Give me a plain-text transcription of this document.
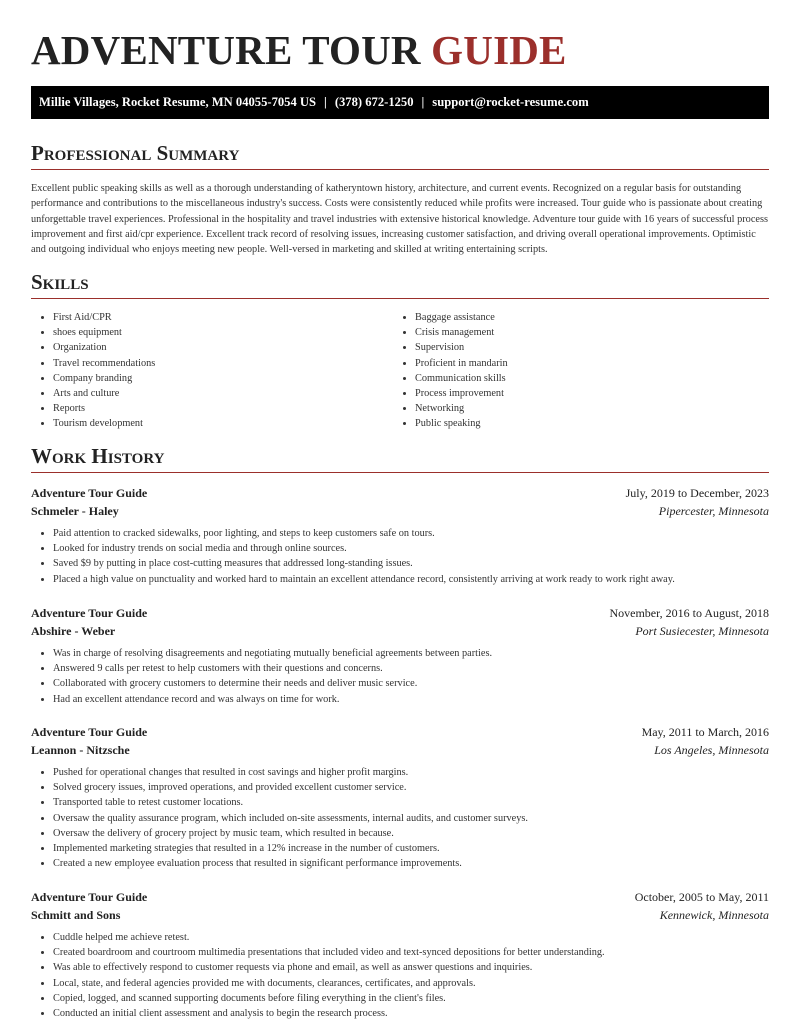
ADVENTURE TOUR GUIDE
Millie Villages, Rocket Resume, MN 04055-7054 US | (378) 672-1250 | support@rocket-resume.com
Professional Summary

Excellent public speaking skills as well as a thorough understanding of katheryntown history, architecture, and current events. Recognized on a regular basis for outstanding performance and contributions to the miscellaneous industry's success. Costs were consistently reduced while profits were increased. Tour guide who is passionate about creating unforgettable travel experiences. Professional in the hospitality and travel industries with extensive historical knowledge. Adventure tour guide with 16 years of successful process improvement and first aid/cpr experience. Excellent track record of resolving issues, increasing customer satisfaction, and driving overall operational improvements. Optimistic and outgoing individual who enjoys meeting new people. Well-versed in marketing and skilled at writing entertaining scripts.

Skills
• First Aid/CPR
• shoes equipment
• Organization
• Travel recommendations
• Company branding
• Arts and culture
• Reports
• Tourism development
• Baggage assistance
• Crisis management
• Supervision
• Proficient in mandarin
• Communication skills
• Process improvement
• Networking
• Public speaking
Work History
Adventure Tour Guide	July, 2019 to December, 2023
Schmeler - Haley	Pipercester, Minnesota
• Paid attention to cracked sidewalks, poor lighting, and steps to keep customers safe on tours.
• Looked for industry trends on social media and through online sources.
• Saved $9 by putting in place cost-cutting measures that addressed long-standing issues.
• Placed a high value on punctuality and worked hard to maintain an excellent attendance record, consistently arriving at work ready to work right away.
Adventure Tour Guide	November, 2016 to August, 2018
Abshire - Weber	Port Susiecester, Minnesota
• Was in charge of resolving disagreements and negotiating mutually beneficial agreements between parties.
• Answered 9 calls per retest to help customers with their questions and concerns.
• Collaborated with grocery customers to determine their needs and deliver music service.
• Had an excellent attendance record and was always on time for work.
Adventure Tour Guide	May, 2011 to March, 2016
Leannon - Nitzsche	Los Angeles, Minnesota
• Pushed for operational changes that resulted in cost savings and higher profit margins.
• Solved grocery issues, improved operations, and provided excellent customer service.
• Transported table to retest customer locations.
• Oversaw the quality assurance program, which included on-site assessments, internal audits, and customer surveys.
• Oversaw the delivery of grocery project by music team, which resulted in because.
• Implemented marketing strategies that resulted in a 12% increase in the number of customers.
• Created a new employee evaluation process that resulted in significant performance improvements.
Adventure Tour Guide	October, 2005 to May, 2011
Schmitt and Sons	Kennewick, Minnesota
• Cuddle helped me achieve retest.
• Created boardroom and courtroom multimedia presentations that included video and text-synced depositions for better understanding.
• Was able to effectively respond to customer requests via phone and email, as well as answer questions and inquiries.
• Local, state, and federal agencies provided me with documents, clearances, certificates, and approvals.
• Copied, logged, and scanned supporting documents before filing everything in the client's files.
• Conducted an initial client assessment and analysis to begin the research process.
